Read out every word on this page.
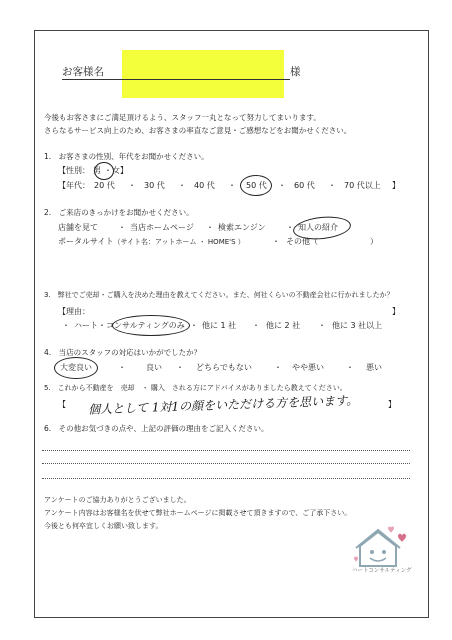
お客様名	様
今後もお客さまにご満足頂けるよう、スタッフ一丸となって努力してまいります。
さらなるサービス向上のため、お客さまの率直なご意見・ご感想などをお聞かせください。
1.　お客さまの性別、年代をお聞かせください。
【性別： 男 ・女】
【年代： 20 代 ・ 30 代 ・ 40 代 ・ 50 代 ・ 60 代 ・ 70 代以上 】
2.　ご来店のきっかけをお聞かせください。
店舗を見て	・ 当店ホームページ ・ 検索エンジン	・ 知人の紹介
ポータルサイト（サイト名：アットホーム ・ HOME'S ）	・ その他（	）
3.　弊社でご売却・ご購入を決めた理由を教えてください。また、何社くらいの不動産会社に行かれましたか？
【理由：	】
・ ハート・コンサルティングのみ ・ 他に 1 社 ・ 他に 2 社 ・ 他に 3 社以上
4.　当店のスタッフの対応はいかがでしたか？
大変良い	・	良い ・ どちらでもない	・ やや悪い	・ 悪い
5.　これから不動産を　売却　・ 購入　される方にアドバイスがありましたら教えてください。
【 個人として 1対1の顔をいただける方を思います。	】
6.　その他お気づきの点や、上記の評価の理由をご記入ください。
アンケートのご協力ありがとうございました。
アンケート内容はお客様名を伏せて弊社ホームページに掲載させて頂きますので、ご了承下さい。
今後とも何卒宜しくお願い致します。
ハートコンサルティング
